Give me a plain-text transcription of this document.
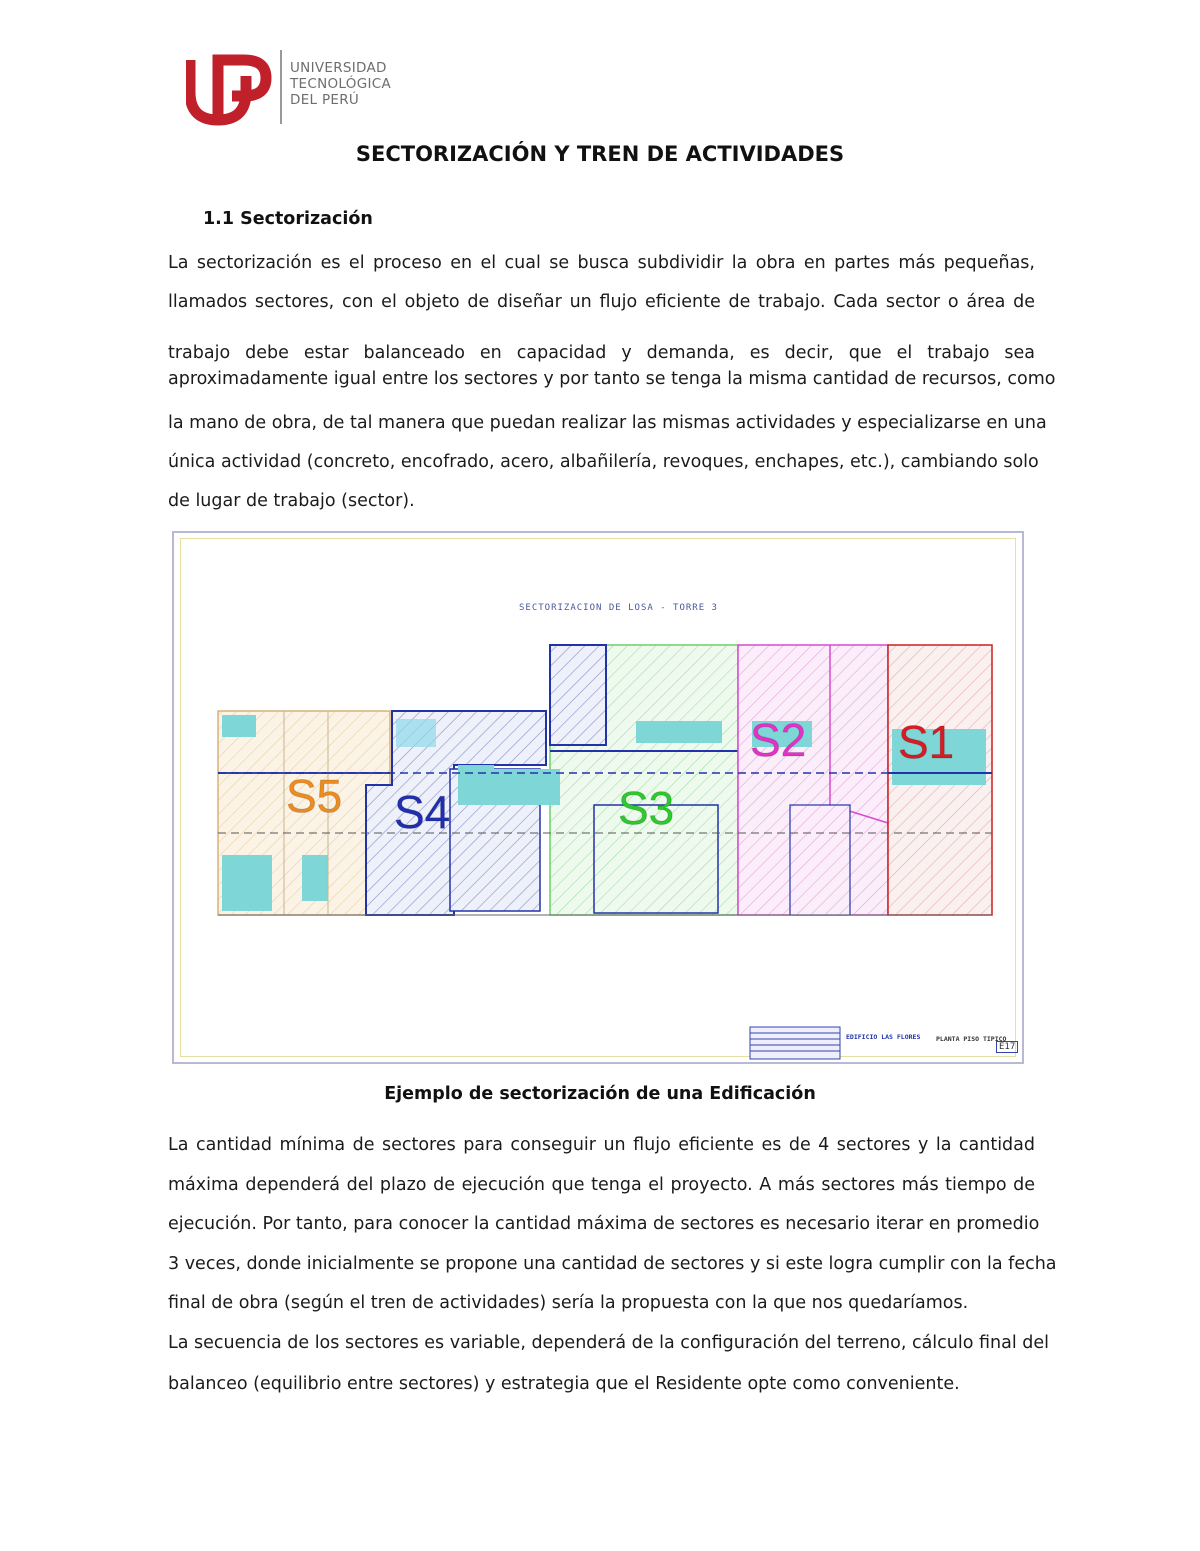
UNIVERSIDAD
TECNOLÓGICA
DEL PERÚ
SECTORIZACIÓN Y TREN DE ACTIVIDADES
1.1 Sectorización
La sectorización es el proceso en el cual se busca subdividir la obra en partes más pequeñas,
llamados sectores, con el objeto de diseñar un flujo eficiente de trabajo. Cada sector o área de
trabajo debe estar balanceado en capacidad y demanda, es decir, que el trabajo sea
aproximadamente igual entre los sectores y por tanto se tenga la misma cantidad de recursos, como
la mano de obra, de tal manera que puedan realizar las mismas actividades y especializarse en una
única actividad (concreto, encofrado, acero, albañilería, revoques, enchapes, etc.), cambiando solo
de lugar de trabajo (sector).
SECTORIZACION DE LOSA - TORRE 3
S1
S2
S3
S4
S5
EDIFICIO LAS FLORES PLANTA PISO TIPICO
E17
Ejemplo de sectorización de una Edificación
La cantidad mínima de sectores para conseguir un flujo eficiente es de 4 sectores y la cantidad
máxima dependerá del plazo de ejecución que tenga el proyecto. A más sectores más tiempo de
ejecución. Por tanto, para conocer la cantidad máxima de sectores es necesario iterar en promedio
3 veces, donde inicialmente se propone una cantidad de sectores y si este logra cumplir con la fecha
final de obra (según el tren de actividades) sería la propuesta con la que nos quedaríamos.
La secuencia de los sectores es variable, dependerá de la configuración del terreno, cálculo final del
balanceo (equilibrio entre sectores) y estrategia que el Residente opte como conveniente.
